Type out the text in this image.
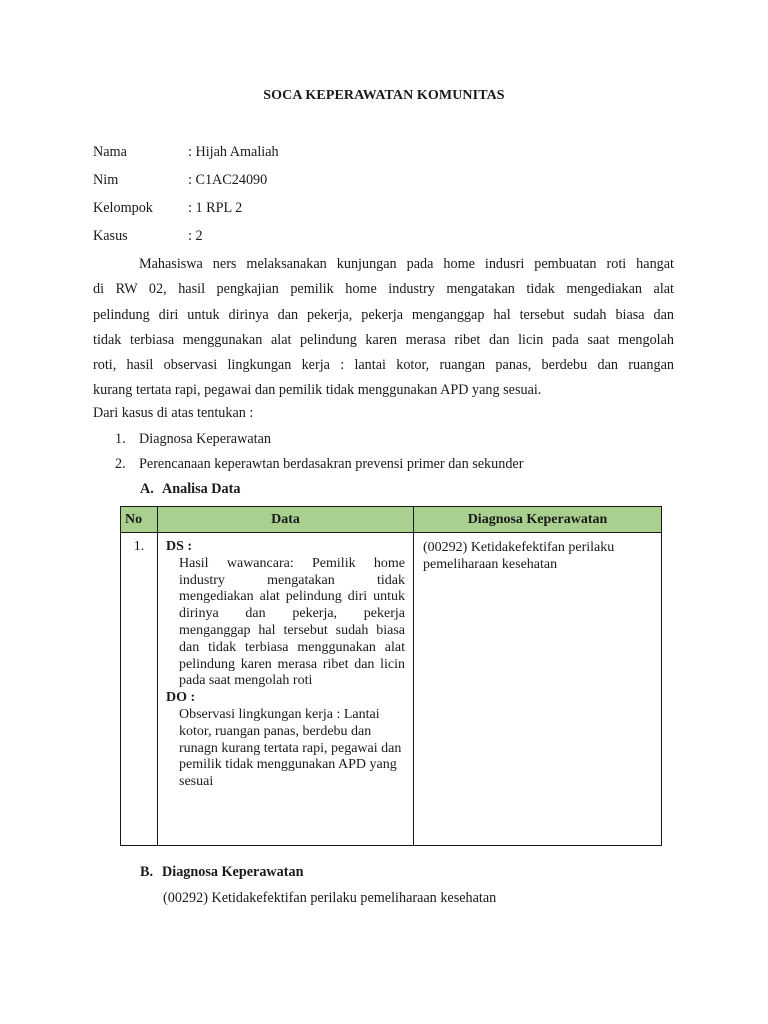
SOCA KEPERAWATAN KOMUNITAS
Nama	: Hijah Amaliah
Nim	: C1AC24090
Kelompok : 1 RPL 2
Kasus	: 2
Mahasiswa ners melaksanakan kunjungan pada home indusri pembuatan roti hangat
di RW 02, hasil pengkajian pemilik home industry mengatakan tidak mengediakan alat
pelindung diri untuk dirinya dan pekerja, pekerja menganggap hal tersebut sudah biasa dan
tidak terbiasa menggunakan alat pelindung karen merasa ribet dan licin pada saat mengolah
roti, hasil observasi lingkungan kerja : lantai kotor, ruangan panas, berdebu dan ruangan
kurang tertata rapi, pegawai dan pemilik tidak menggunakan APD yang sesuai.
Dari kasus di atas tentukan :
1. Diagnosa Keperawatan
2. Perencanaan keperawtan berdasakran prevensi primer dan sekunder
A. Analisa Data
No	Data	Diagnosa Keperawatan
1.	DS :
Hasil wawancara: Pemilik home industry mengatakan tidak mengediakan alat pelindung diri untuk dirinya dan pekerja, pekerja menganggap hal tersebut sudah biasa dan tidak terbiasa menggunakan alat pelindung karen merasa ribet dan licin pada saat mengolah roti
DO :
Observasi lingkungan kerja : Lantai kotor, ruangan panas, berdebu dan runagn kurang tertata rapi, pegawai dan pemilik tidak menggunakan APD yang sesuai	(00292) Ketidakefektifan perilaku pemeliharaan kesehatan
B. Diagnosa Keperawatan
(00292) Ketidakefektifan perilaku pemeliharaan kesehatan
